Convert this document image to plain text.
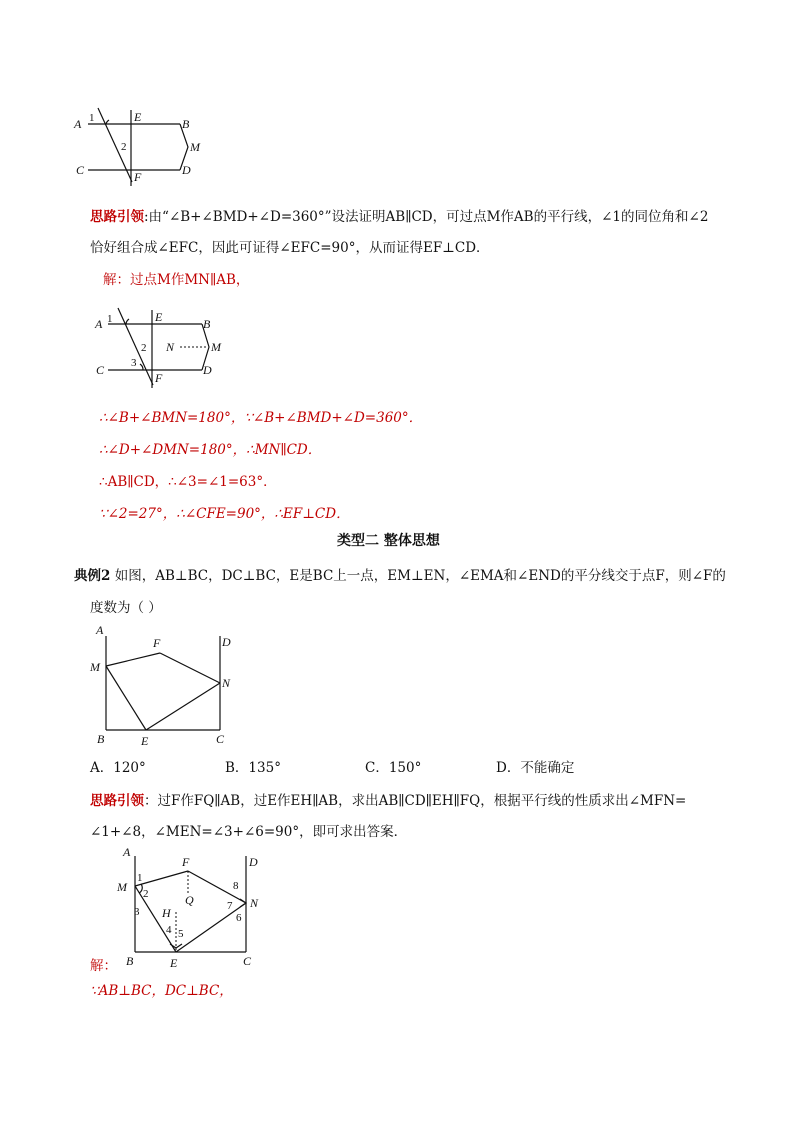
A	B
C	D
E
F
M
1
2
思路引领:由“∠B+∠BMD+∠D=360°”设法证明AB∥CD，可过点M作AB的平行线，∠1的同位角和∠2
恰好组合成∠EFC，因此可证得∠EFC=90°，从而证得EF⊥CD．
解：过点M作MN∥AB，
A	B
C	D
E
F
M
N
1
2
3
∴∠B+∠BMN=180°，∵∠B+∠BMD+∠D=360°．
∴∠D+∠DMN=180°，∴MN∥CD．
∴AB∥CD，∴∠3=∠1=63°．
∵∠2=27°，∴∠CFE=90°，∴EF⊥CD．
类型二 整体思想
典例2 如图，AB⊥BC，DC⊥BC，E是BC上一点，EM⊥EN，∠EMA和∠END的平分线交于点F，则∠F的
度数为（ ）
A
D
F
M
N
B	E	C
A．120°	B．135°	C．150°	D．不能确定
思路引领：过F作FQ∥AB，过E作EH∥AB，求出AB∥CD∥EH∥FQ，根据平行线的性质求出∠MFN=
∠1+∠8，∠MEN=∠3+∠6=90°，即可求出答案．
A
D
F
M
N
Q
H
B	E	C
1
2
3
4 5
6
7
8
解：
∵AB⊥BC，DC⊥BC，
